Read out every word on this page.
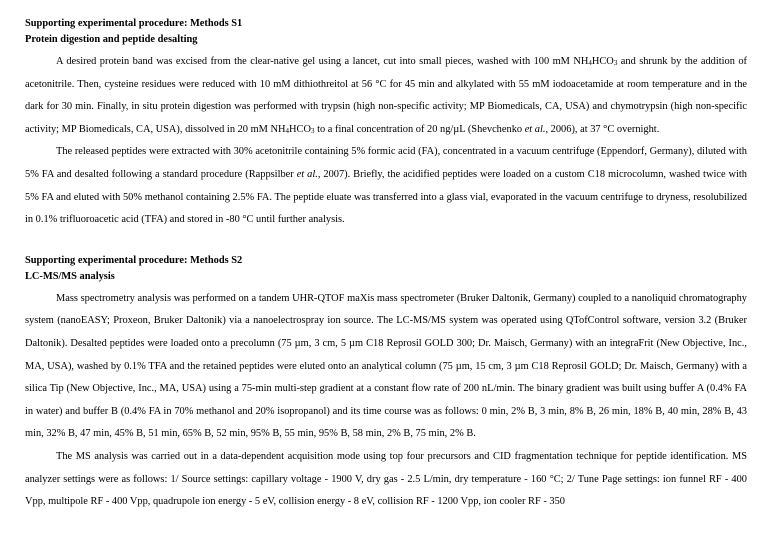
Supporting experimental procedure: Methods S1

Protein digestion and peptide desalting

A desired protein band was excised from the clear-native gel using a lancet, cut into small pieces, washed with 100 mM $NH_4HCO_3$ and shrunk by the addition of acetonitrile. Then, cysteine residues were reduced with 10 mM dithiothreitol at 56 °C for 45 min and alkylated with 55 mM iodoacetamide at room temperature and in the dark for 30 min. Finally, in situ protein digestion was performed with trypsin (high non-specific activity; MP Biomedicals, CA, USA) and chymotrypsin (high non-specific activity; MP Biomedicals, CA, USA), dissolved in 20 mM $NH_4HCO_3$ to a final concentration of 20 ng/µL (Shevchenko et al., 2006), at 37 °C overnight.

The released peptides were extracted with 30% acetonitrile containing 5% formic acid (FA), concentrated in a vacuum centrifuge (Eppendorf, Germany), diluted with 5% FA and desalted following a standard procedure (Rappsilber et al., 2007). Briefly, the acidified peptides were loaded on a custom C18 microcolumn, washed twice with 5% FA and eluted with 50% methanol containing 2.5% FA. The peptide eluate was transferred into a glass vial, evaporated in the vacuum centrifuge to dryness, resolubilized in 0.1% trifluoroacetic acid (TFA) and stored in -80 °C until further analysis.

Supporting experimental procedure: Methods S2

LC-MS/MS analysis

Mass spectrometry analysis was performed on a tandem UHR-QTOF maXis mass spectrometer (Bruker Daltonik, Germany) coupled to a nanoliquid chromatography system (nanoEASY; Proxeon, Bruker Daltonik) via a nanoelectrospray ion source. The LC-MS/MS system was operated using QTofControl software, version 3.2 (Bruker Daltonik). Desalted peptides were loaded onto a precolumn (75 µm, 3 cm, 5 µm C18 Reprosil GOLD 300; Dr. Maisch, Germany) with an integraFrit (New Objective, Inc., MA, USA), washed by 0.1% TFA and the retained peptides were eluted onto an analytical column (75 µm, 15 cm, 3 µm C18 Reprosil GOLD; Dr. Maisch, Germany) with a silica Tip (New Objective, Inc., MA, USA) using a 75-min multi-step gradient at a constant flow rate of 200 nL/min. The binary gradient was built using buffer A (0.4% FA in water) and buffer B (0.4% FA in 70% methanol and 20% isopropanol) and its time course was as follows: 0 min, 2% B, 3 min, 8% B, 26 min, 18% B, 40 min, 28% B, 43 min, 32% B, 47 min, 45% B, 51 min, 65% B, 52 min, 95% B, 55 min, 95% B, 58 min, 2% B, 75 min, 2% B.

The MS analysis was carried out in a data-dependent acquisition mode using top four precursors and CID fragmentation technique for peptide identification. MS analyzer settings were as follows: 1/ Source settings: capillary voltage - 1900 V, dry gas - 2.5 L/min, dry temperature - 160 °C; 2/ Tune Page settings: ion funnel RF - 400 Vpp, multipole RF - 400 Vpp, quadrupole ion energy - 5 eV, collision energy - 8 eV, collision RF - 1200 Vpp, ion cooler RF - 350
